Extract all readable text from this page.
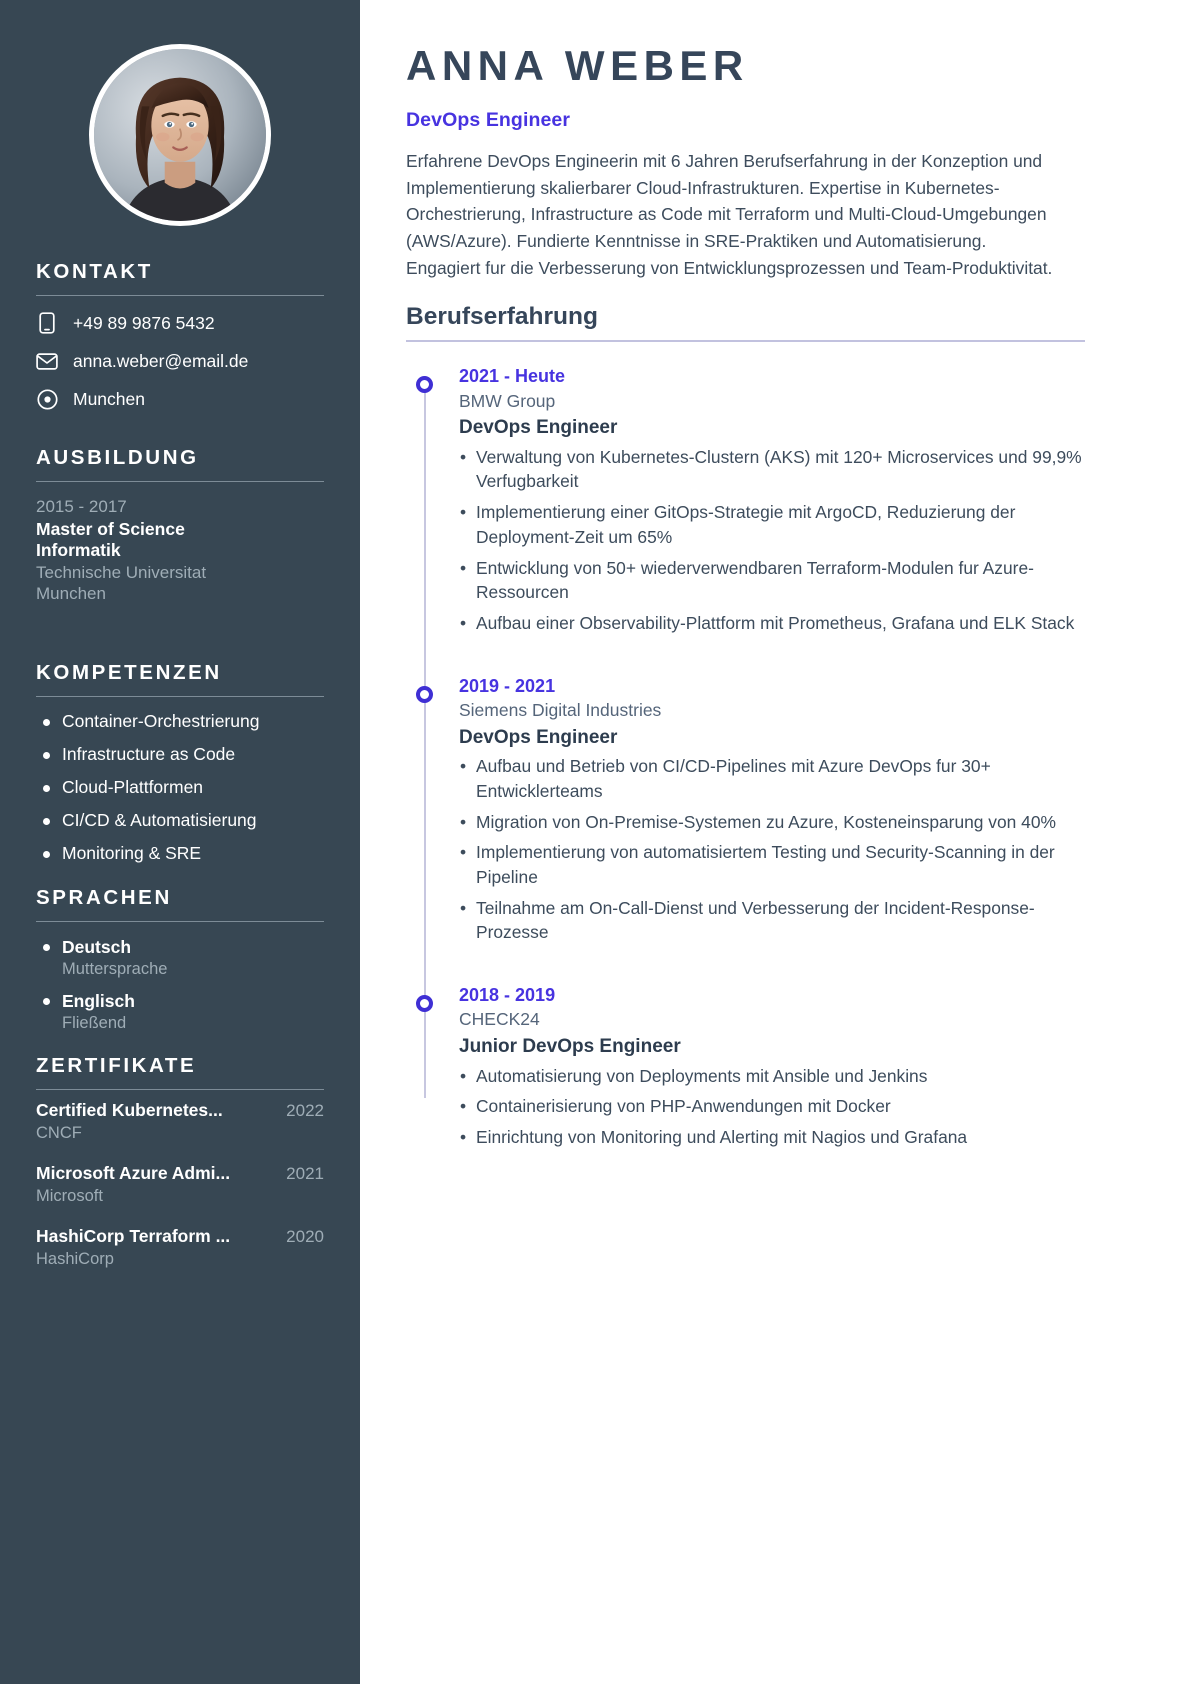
KONTAKT
+49 89 9876 5432
anna.weber@email.de
Munchen
AUSBILDUNG
2015 - 2017
Master of Science
Informatik
Technische Universitat
Munchen
KOMPETENZEN
Container-Orchestrierung
Infrastructure as Code
Cloud-Plattformen
CI/CD & Automatisierung
Monitoring & SRE
SPRACHEN
Deutsch
Muttersprache
Englisch
Fließend
ZERTIFIKATE
Certified Kubernetes...	2022
CNCF
Microsoft Azure Admi...	2021
Microsoft
HashiCorp Terraform ...	2020
HashiCorp
ANNA WEBER
DevOps Engineer

Erfahrene DevOps Engineerin mit 6 Jahren Berufserfahrung in der Konzeption und Implementierung skalierbarer Cloud-Infrastrukturen. Expertise in Kubernetes-Orchestrierung, Infrastructure as Code mit Terraform und Multi-Cloud-Umgebungen (AWS/Azure). Fundierte Kenntnisse in SRE-Praktiken und Automatisierung. Engagiert fur die Verbesserung von Entwicklungsprozessen und Team-Produktivitat.

Berufserfahrung
2021 - Heute
BMW Group
DevOps Engineer
• Verwaltung von Kubernetes-Clustern (AKS) mit 120+ Microservices und 99,9% Verfugbarkeit
• Implementierung einer GitOps-Strategie mit ArgoCD, Reduzierung der Deployment-Zeit um 65%
• Entwicklung von 50+ wiederverwendbaren Terraform-Modulen fur Azure-Ressourcen
• Aufbau einer Observability-Plattform mit Prometheus, Grafana und ELK Stack
2019 - 2021
Siemens Digital Industries
DevOps Engineer
• Aufbau und Betrieb von CI/CD-Pipelines mit Azure DevOps fur 30+ Entwicklerteams
• Migration von On-Premise-Systemen zu Azure, Kosteneinsparung von 40%
• Implementierung von automatisiertem Testing und Security-Scanning in der Pipeline
• Teilnahme am On-Call-Dienst und Verbesserung der Incident-Response-Prozesse
2018 - 2019
CHECK24
Junior DevOps Engineer
• Automatisierung von Deployments mit Ansible und Jenkins
• Containerisierung von PHP-Anwendungen mit Docker
• Einrichtung von Monitoring und Alerting mit Nagios und Grafana
